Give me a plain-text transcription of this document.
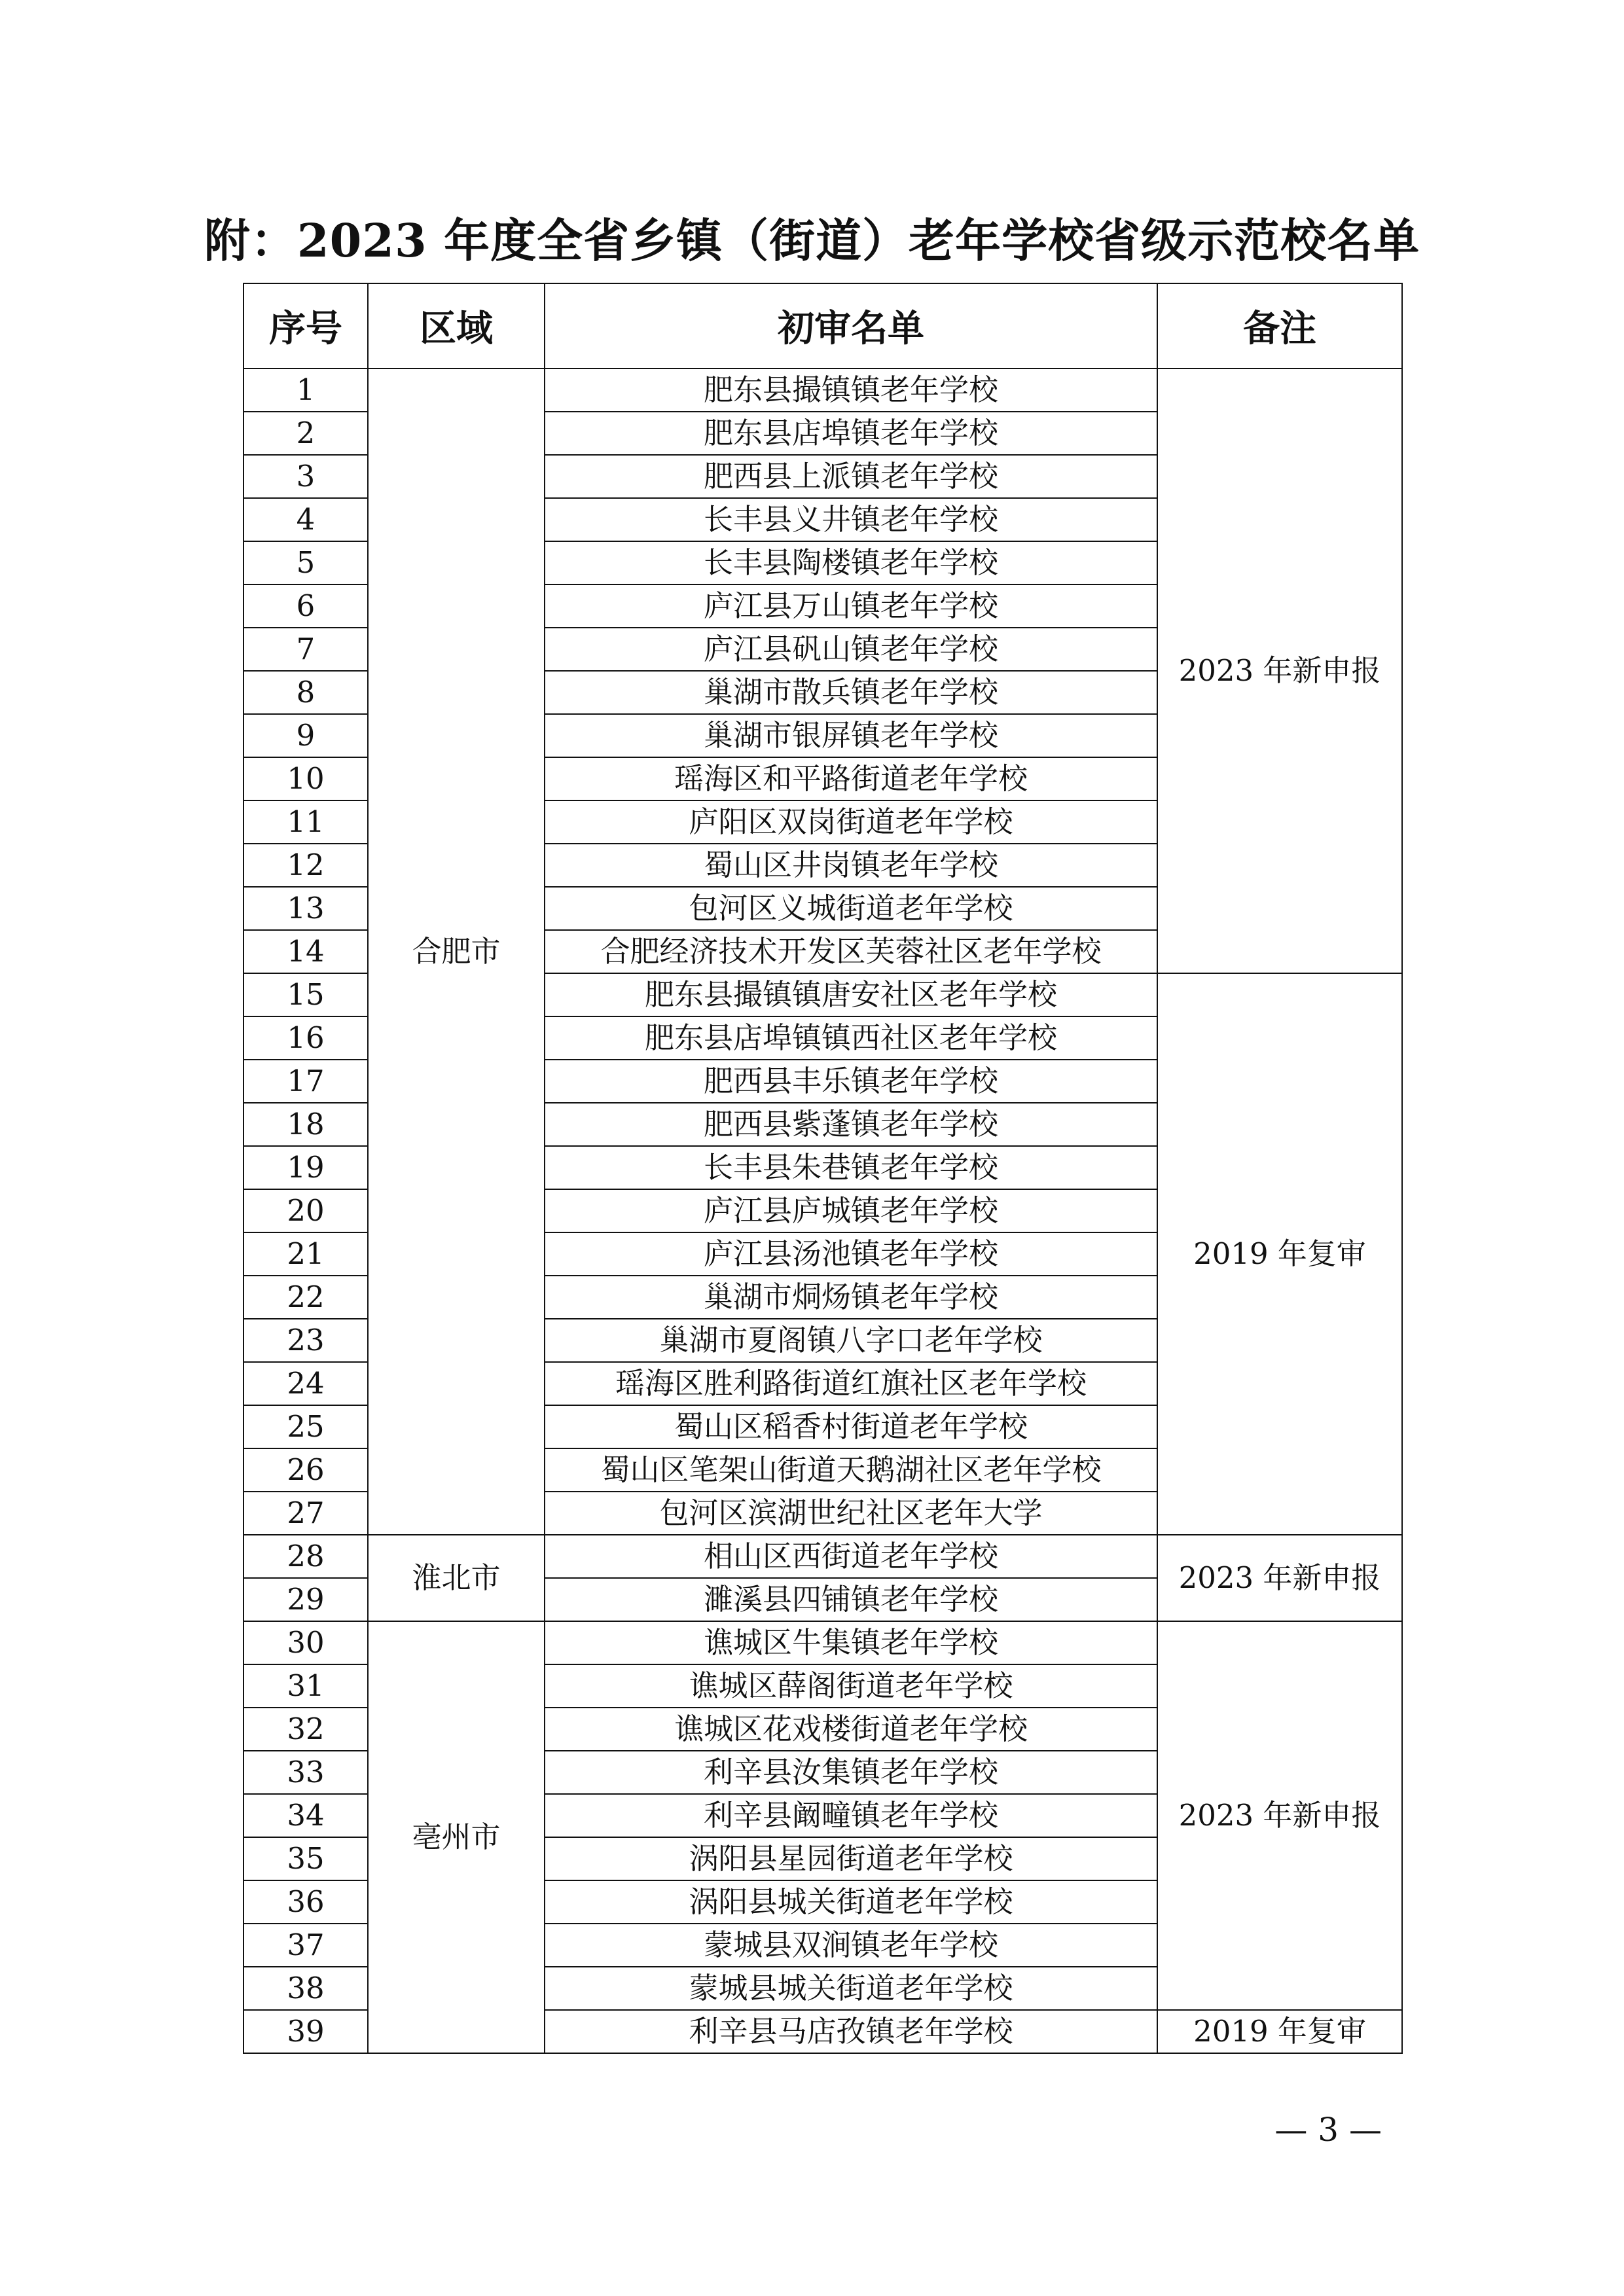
附：2023 年度全省乡镇（街道）老年学校省级示范校名单
序号	区域	初审名单	备注
1	合肥市	肥东县撮镇镇老年学校	2023 年新申报
2		肥东县店埠镇老年学校	
3		肥西县上派镇老年学校	
4		长丰县义井镇老年学校	
5		长丰县陶楼镇老年学校	
6		庐江县万山镇老年学校	
7		庐江县矾山镇老年学校	
8		巢湖市散兵镇老年学校	
9		巢湖市银屏镇老年学校	
10		瑶海区和平路街道老年学校	
11		庐阳区双岗街道老年学校	
12		蜀山区井岗镇老年学校	
13		包河区义城街道老年学校	
14		合肥经济技术开发区芙蓉社区老年学校	
15		肥东县撮镇镇唐安社区老年学校	2019 年复审
16		肥东县店埠镇镇西社区老年学校	
17		肥西县丰乐镇老年学校	
18		肥西县紫蓬镇老年学校	
19		长丰县朱巷镇老年学校	
20		庐江县庐城镇老年学校	
21		庐江县汤池镇老年学校	
22		巢湖市烔炀镇老年学校	
23		巢湖市夏阁镇八字口老年学校	
24		瑶海区胜利路街道红旗社区老年学校	
25		蜀山区稻香村街道老年学校	
26		蜀山区笔架山街道天鹅湖社区老年学校	
27		包河区滨湖世纪社区老年大学	
28	淮北市	相山区西街道老年学校	2023 年新申报
29		濉溪县四铺镇老年学校	
30	亳州市	谯城区牛集镇老年学校	2023 年新申报
31		谯城区薛阁街道老年学校	
32		谯城区花戏楼街道老年学校	
33		利辛县汝集镇老年学校	
34		利辛县阚疃镇老年学校	
35		涡阳县星园街道老年学校	
36		涡阳县城关街道老年学校	
37		蒙城县双涧镇老年学校	
38		蒙城县城关街道老年学校	
39		利辛县马店孜镇老年学校	2019 年复审
— 3 —
